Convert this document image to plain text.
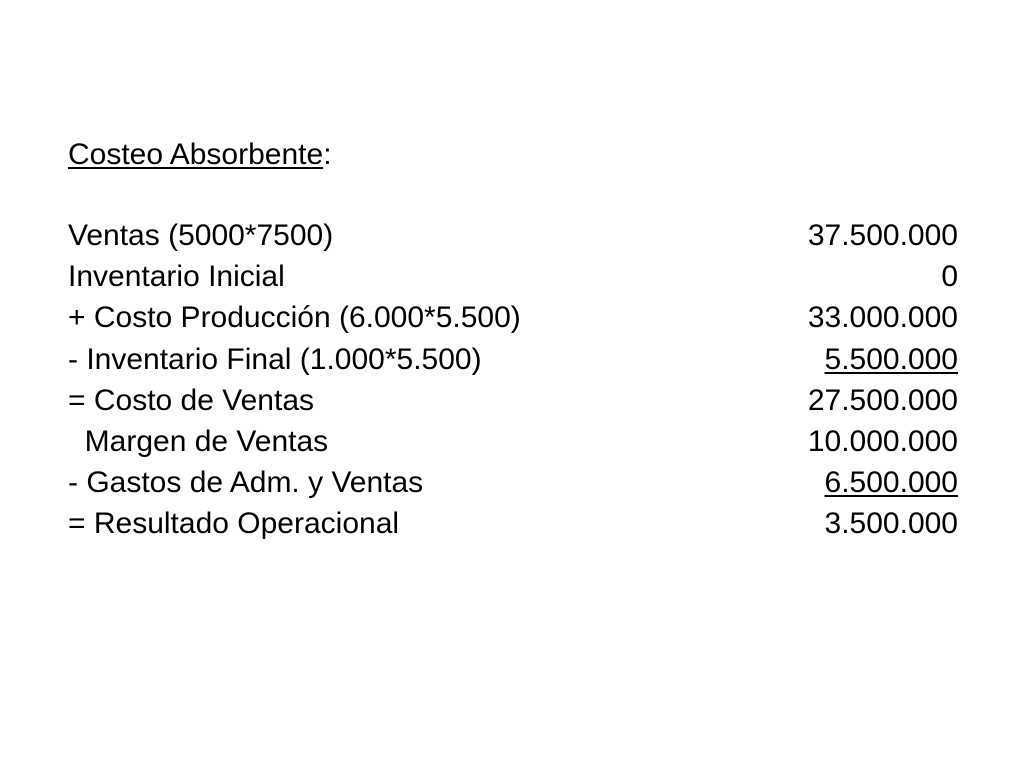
Costeo Absorbente:
Ventas (5000*7500)	37.500.000
Inventario Inicial	0
+ Costo Producción (6.000*5.500)	33.000.000
- Inventario Final (1.000*5.500)	5.500.000
= Costo de Ventas	27.500.000
Margen de Ventas	10.000.000
- Gastos de Adm. y Ventas	6.500.000
= Resultado Operacional	3.500.000
